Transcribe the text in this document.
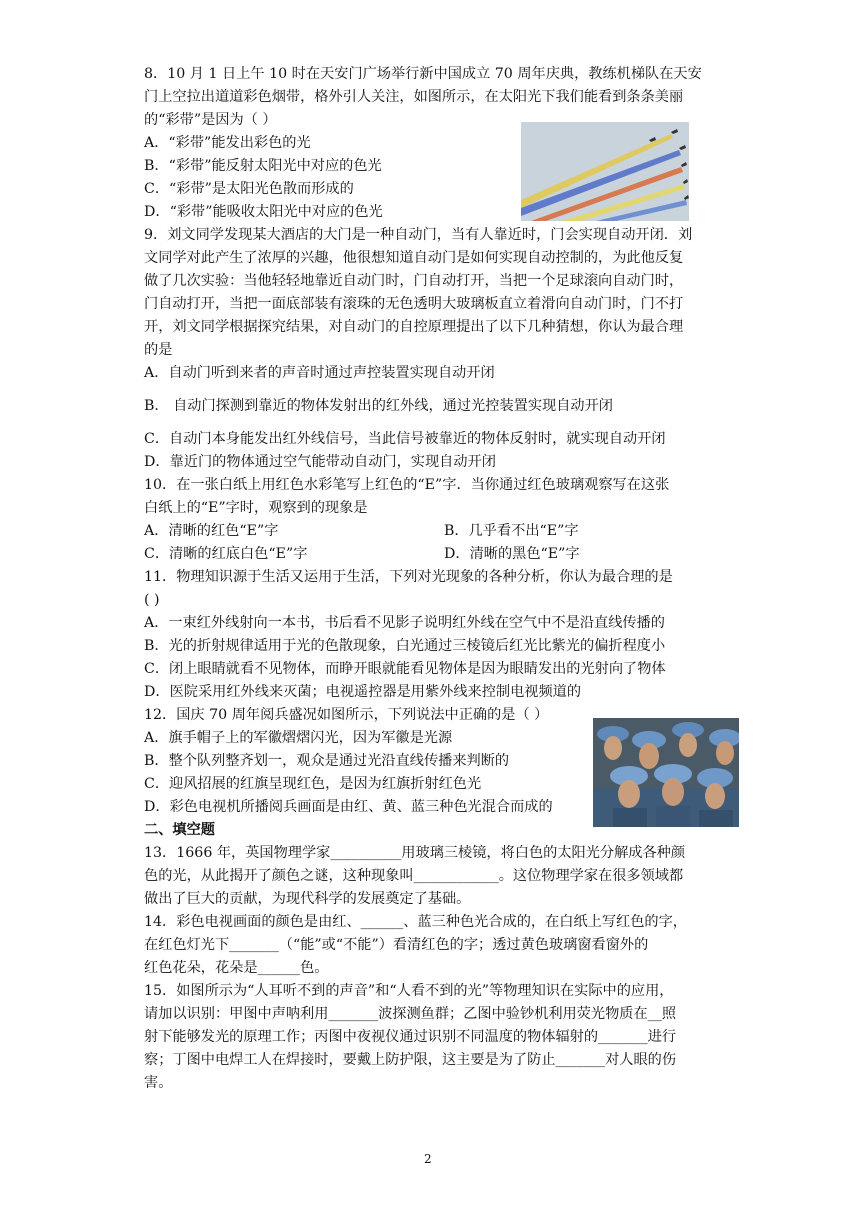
8．10 月 1 日上午 10 时在天安门广场举行新中国成立 70 周年庆典，教练机梯队在天安
门上空拉出道道彩色烟带，格外引人关注，如图所示，在太阳光下我们能看到条条美丽
的“彩带”是因为（ ）
A．“彩带”能发出彩色的光
B．“彩带”能反射太阳光中对应的色光
C．“彩带”是太阳光色散而形成的
D．“彩带”能吸收太阳光中对应的色光
9．刘文同学发现某大酒店的大门是一种自动门，当有人靠近时，门会实现自动开闭．刘
文同学对此产生了浓厚的兴趣，他很想知道自动门是如何实现自动控制的，为此他反复
做了几次实验：当他轻轻地靠近自动门时，门自动打开，当把一个足球滚向自动门时，
门自动打开，当把一面底部装有滚珠的无色透明大玻璃板直立着滑向自动门时，门不打
开，刘文同学根据探究结果，对自动门的自控原理提出了以下几种猜想，你认为最合理
的是
A．自动门听到来者的声音时通过声控装置实现自动开闭
B． 自动门探测到靠近的物体发射出的红外线，通过光控装置实现自动开闭
C．自动门本身能发出红外线信号，当此信号被靠近的物体反射时，就实现自动开闭
D．靠近门的物体通过空气能带动自动门，实现自动开闭
10．在一张白纸上用红色水彩笔写上红色的“E”字．当你通过红色玻璃观察写在这张
白纸上的“E”字时，观察到的现象是
A．清晰的红色“E”字	B．几乎看不出“E”字
C．清晰的红底白色“E”字	D．清晰的黑色“E”字
11．物理知识源于生活又运用于生活，下列对光现象的各种分析，你认为最合理的是
( )
A．一束红外线射向一本书，书后看不见影子说明红外线在空气中不是沿直线传播的
B．光的折射规律适用于光的色散现象，白光通过三棱镜后红光比紫光的偏折程度小
C．闭上眼睛就看不见物体，而睁开眼就能看见物体是因为眼睛发出的光射向了物体
D．医院采用红外线来灭菌；电视遥控器是用紫外线来控制电视频道的
12．国庆 70 周年阅兵盛况如图所示，下列说法中正确的是（ ）
A．旗手帽子上的军徽熠熠闪光，因为军徽是光源
B．整个队列整齐划一，观众是通过光沿直线传播来判断的
C．迎风招展的红旗呈现红色，是因为红旗折射红色光
D．彩色电视机所播阅兵画面是由红、黄、蓝三种色光混合而成的
二、填空题
13．1666 年，英国物理学家__________用玻璃三棱镜，将白色的太阳光分解成各种颜
色的光，从此揭开了颜色之谜，这种现象叫____________。这位物理学家在很多领域都
做出了巨大的贡献，为现代科学的发展奠定了基础。
14．彩色电视画面的颜色是由红、______、蓝三种色光合成的，在白纸上写红色的字，
在红色灯光下_______（“能”或“不能”）看清红色的字；透过黄色玻璃窗看窗外的
红色花朵，花朵是______色。
15．如图所示为“人耳听不到的声音”和“人看不到的光”等物理知识在实际中的应用，
请加以识别：甲图中声呐利用_______波探测鱼群；乙图中验钞机利用荧光物质在__照
射下能够发光的原理工作；丙图中夜视仪通过识别不同温度的物体辐射的_______进行
察；丁图中电焊工人在焊接时，要戴上防护限，这主要是为了防止_______对人眼的伤
害。
2
